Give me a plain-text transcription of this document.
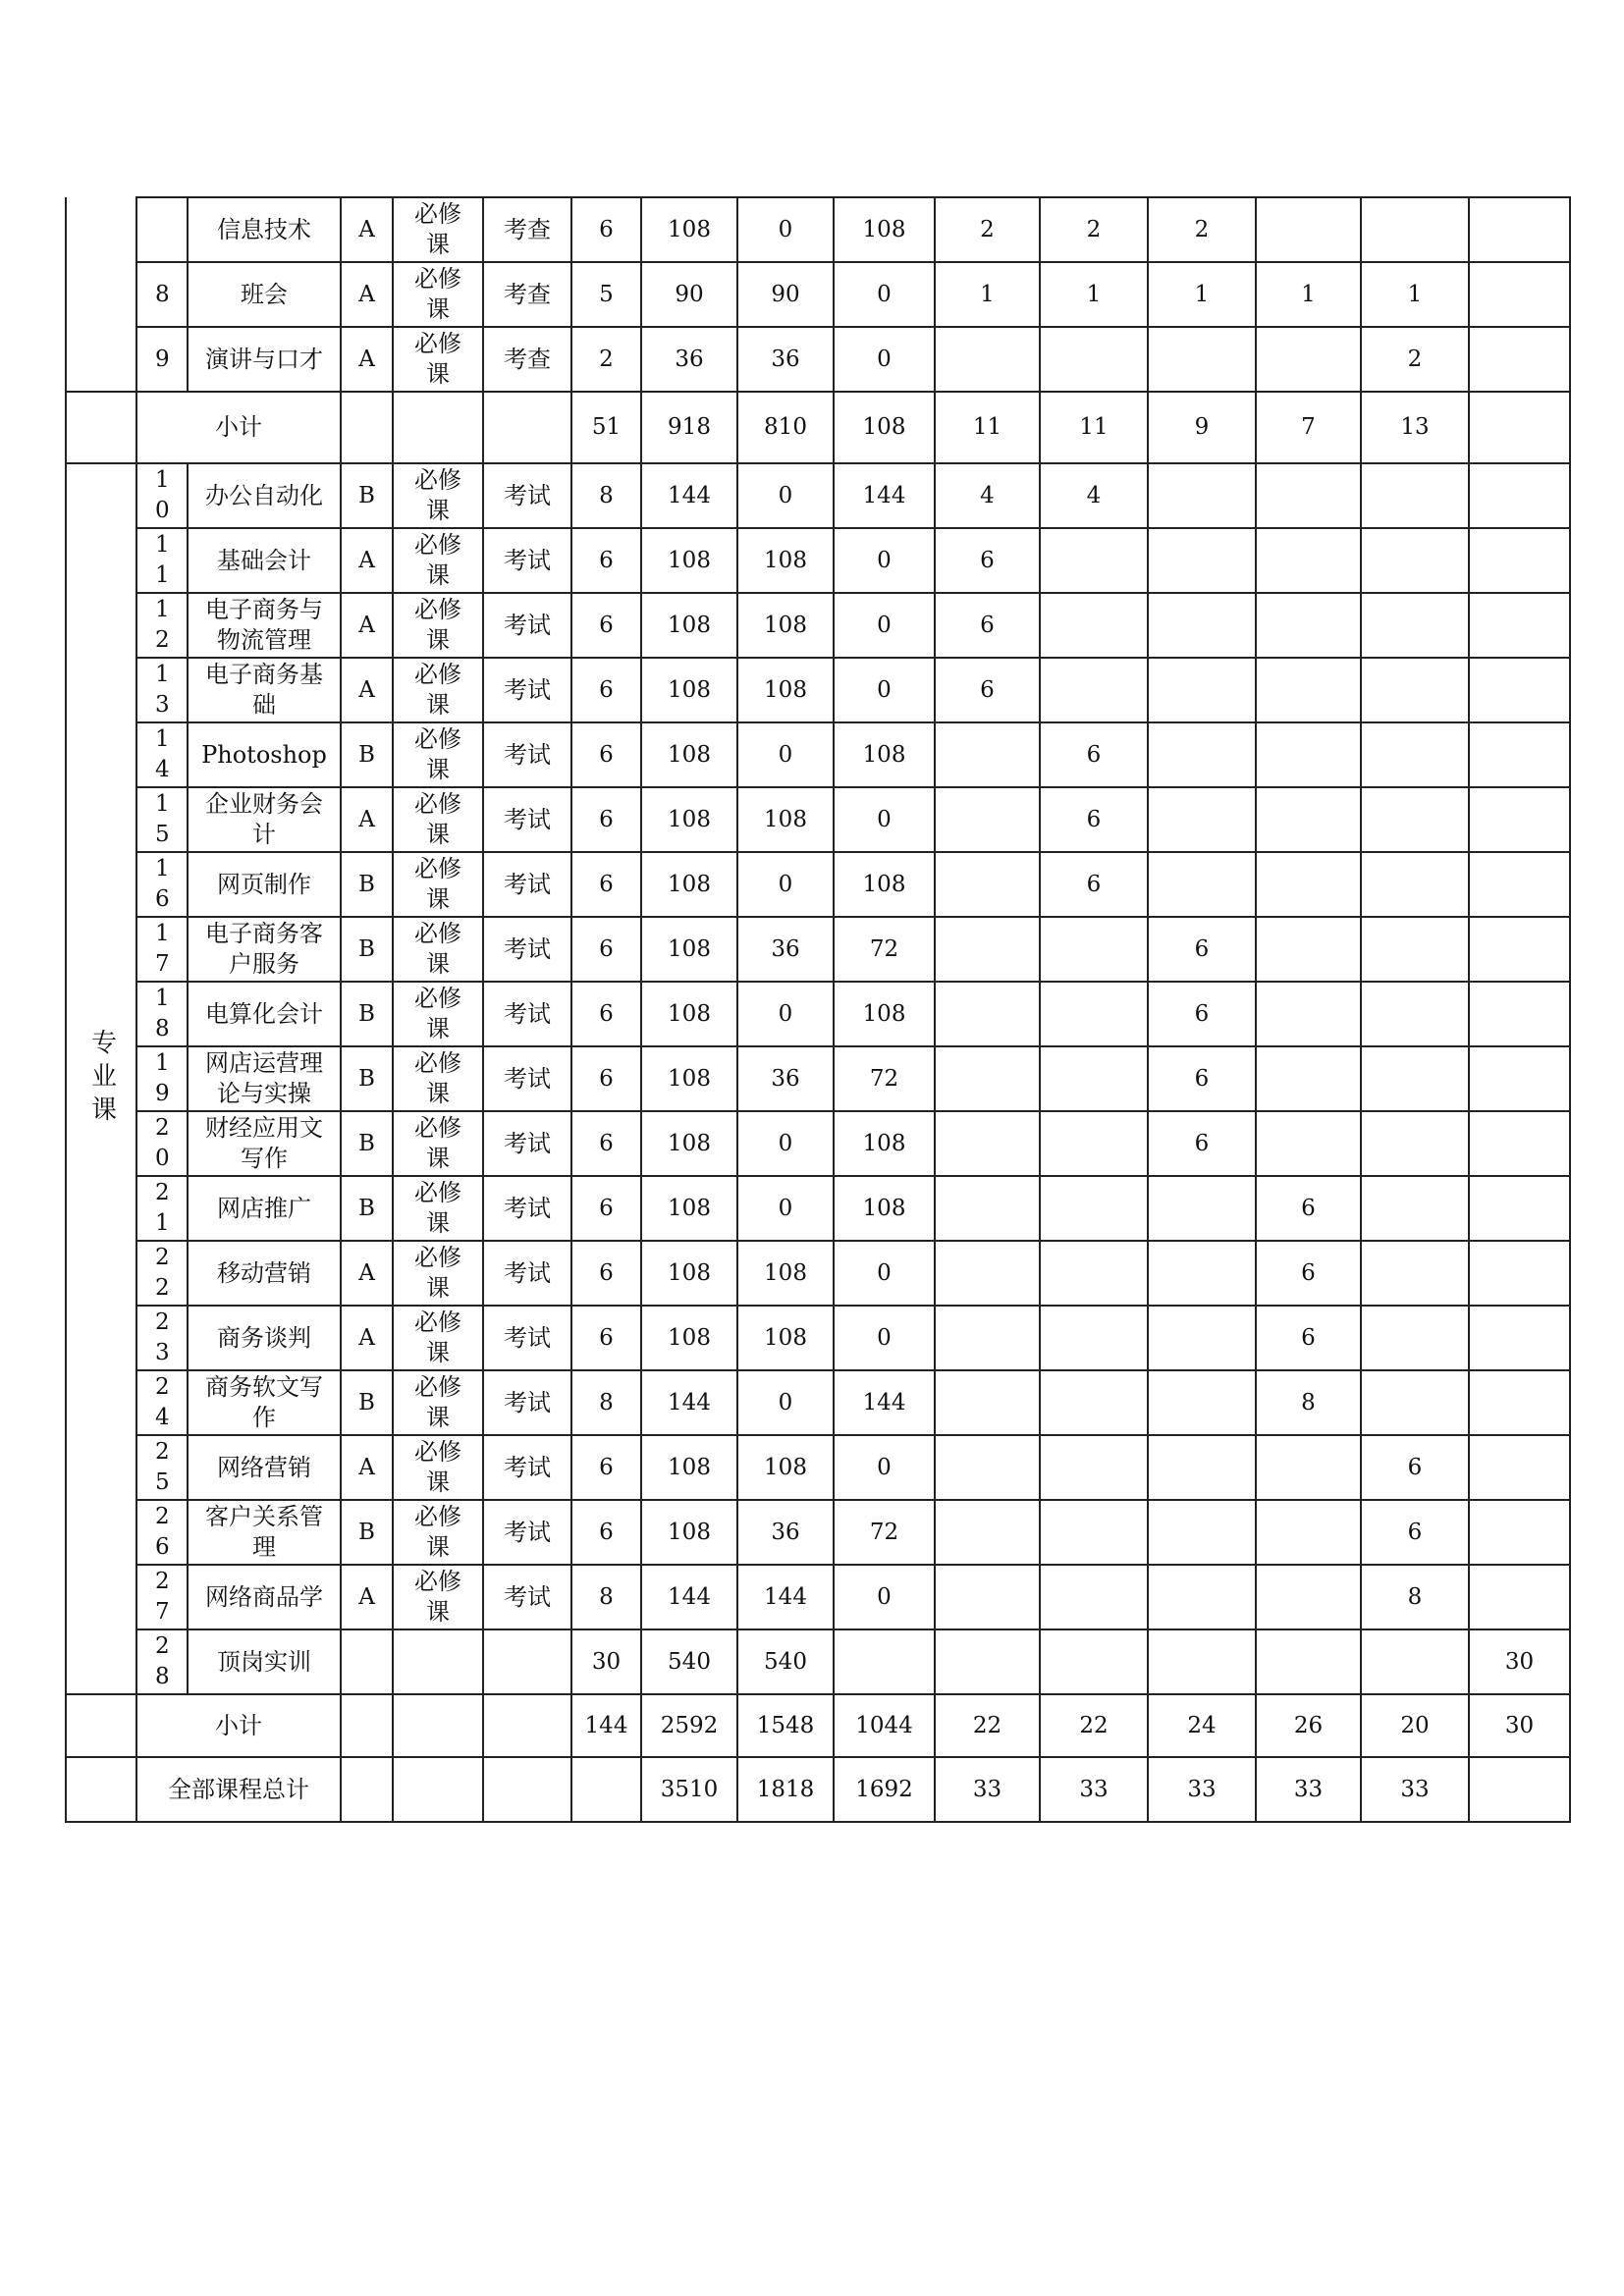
		信息技术	A	必修课	考查	6	108	0	108	2	2	2			
	8	班会	A	必修课	考查	5	90	90	0	1	1	1	1	1	
	9	演讲与口才	A	必修课	考查	2	36	36	0					2	
	小计					51	918	810	108	11	11	9	7	13	
专业课	10	办公自动化	B	必修课	考试	8	144	0	144	4	4				
	11	基础会计	A	必修课	考试	6	108	108	0	6					
	12	电子商务与物流管理	A	必修课	考试	6	108	108	0	6					
	13	电子商务基础	A	必修课	考试	6	108	108	0	6					
	14	Photoshop	B	必修课	考试	6	108	0	108		6				
	15	企业财务会计	A	必修课	考试	6	108	108	0		6				
	16	网页制作	B	必修课	考试	6	108	0	108		6				
	17	电子商务客户服务	B	必修课	考试	6	108	36	72			6			
	18	电算化会计	B	必修课	考试	6	108	0	108			6			
	19	网店运营理论与实操	B	必修课	考试	6	108	36	72			6			
	20	财经应用文写作	B	必修课	考试	6	108	0	108			6			
	21	网店推广	B	必修课	考试	6	108	0	108				6		
	22	移动营销	A	必修课	考试	6	108	108	0				6		
	23	商务谈判	A	必修课	考试	6	108	108	0				6		
	24	商务软文写作	B	必修课	考试	8	144	0	144				8		
	25	网络营销	A	必修课	考试	6	108	108	0					6	
	26	客户关系管理	B	必修课	考试	6	108	36	72					6	
	27	网络商品学	A	必修课	考试	8	144	144	0					8	
	28	顶岗实训				30	540	540							30
	小计					144	2592	1548	1044	22	22	24	26	20	30
	全部课程总计						3510	1818	1692	33	33	33	33	33	
